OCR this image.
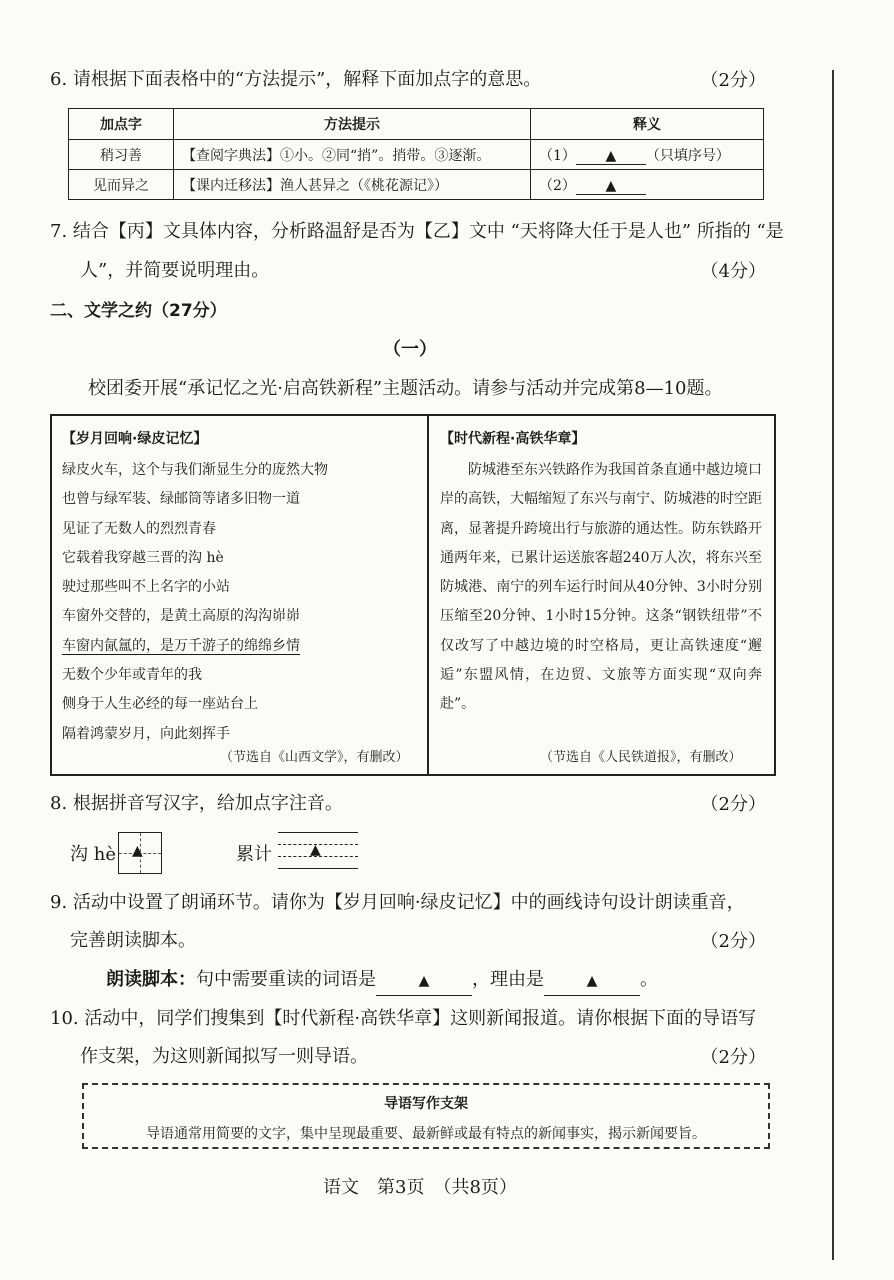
6. 请根据下面表格中的“方法提示”，解释下面加点字的意思。	（2分）
加点字	方法提示	释义
稍习善	【查阅字典法】①小。②同“捎”。捎带。③逐渐。	（1） ▲ （只填序号）
见而异之	【课内迁移法】渔人甚异之（《桃花源记》）	（2） ▲
7. 结合【丙】文具体内容，分析路温舒是否为【乙】文中 “天将降大任于是人也” 所指的 “是
人”，并简要说明理由。	（4分）
二、文学之约（27分）
（一）
校团委开展“承记忆之光·启高铁新程”主题活动。请参与活动并完成第8—10题。
【岁月回响·绿皮记忆】
绿皮火车，这个与我们渐显生分的庞然大物
也曾与绿军装、绿邮筒等诸多旧物一道
见证了无数人的烈烈青春
它载着我穿越三晋的沟 hè
驶过那些叫不上名字的小站
车窗外交替的，是黄土高原的沟沟峁峁
车窗内氤氲的，是万千游子的绵绵乡情
无数个少年或青年的我
侧身于人生必经的每一座站台上
隔着鸿蒙岁月，向此刻挥手
（节选自《山西文学》，有删改）
【时代新程·高铁华章】
防城港至东兴铁路作为我国首条直通中越边境口岸的高铁，大幅缩短了东兴与南宁、防城港的时空距离，显著提升跨境出行与旅游的通达性。防东铁路开通两年来，已累计运送旅客超240万人次，将东兴至防城港、南宁的列车运行时间从40分钟、3小时分别压缩至20分钟、1小时15分钟。这条“钢铁纽带”不仅改写了中越边境的时空格局，更让高铁速度“邂逅”东盟风情，在边贸、文旅等方面实现“双向奔赴”。
（节选自《人民铁道报》，有删改）
8. 根据拼音写汉字，给加点字注音。	（2分）
沟 hè ▲	累计	▲
9. 活动中设置了朗诵环节。请你为【岁月回响·绿皮记忆】中的画线诗句设计朗读重音，
完善朗读脚本。	（2分）
朗读脚本：句中需要重读的词语是	▲ ，理由是	▲ 。
10. 活动中，同学们搜集到【时代新程·高铁华章】这则新闻报道。请你根据下面的导语写
作支架，为这则新闻拟写一则导语。	（2分）
导语写作支架
导语通常用简要的文字，集中呈现最重要、最新鲜或最有特点的新闻事实，揭示新闻要旨。
语文　第3页　（共8页）
